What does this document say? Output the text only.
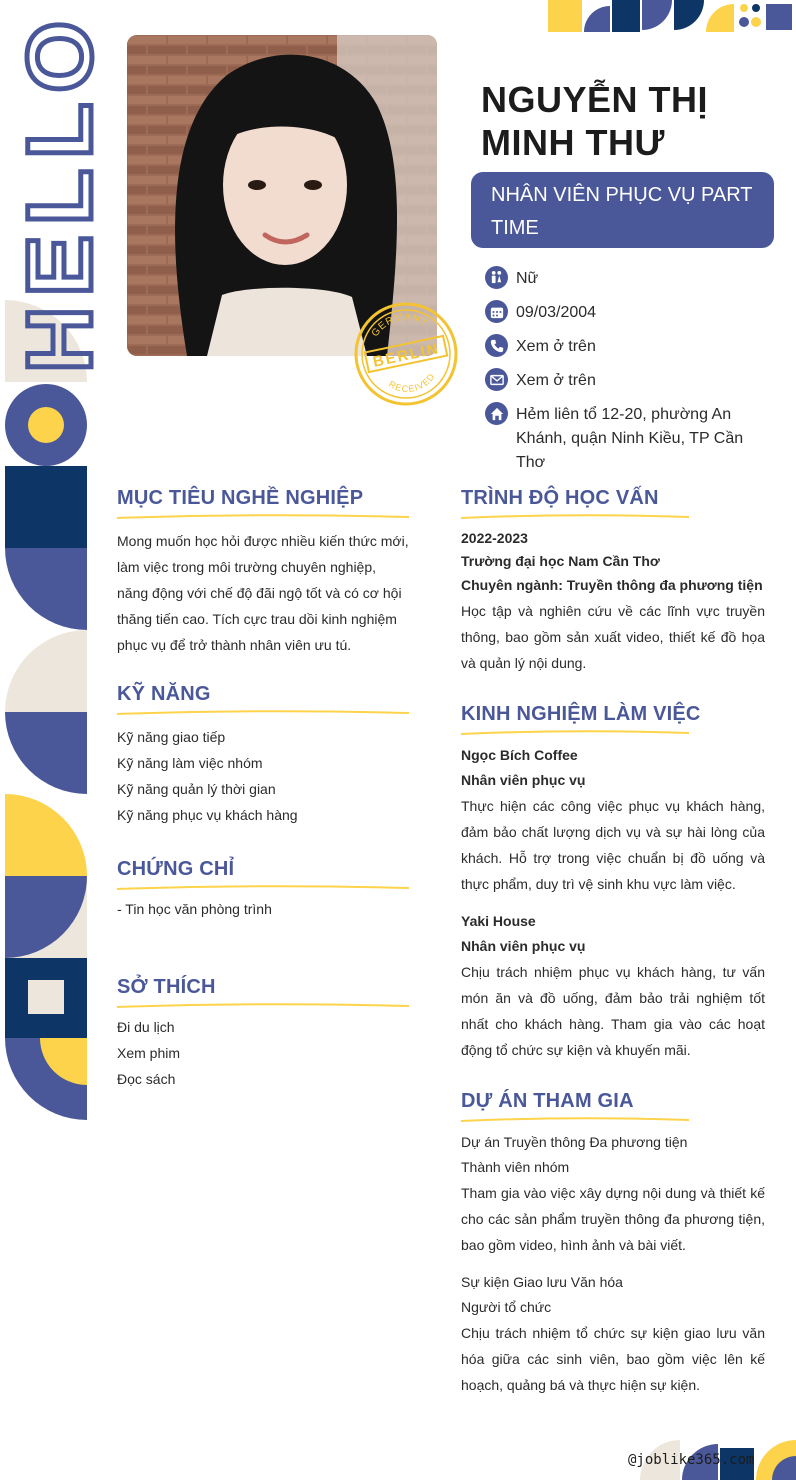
HELLO	GERMANY
BERLIN
RECEIVED
NGUYỄN THỊ
MINH THƯ
NHÂN VIÊN PHỤC VỤ PART TIME
Nữ
09/03/2004
Xem ở trên
Xem ở trên
Hẻm liên tổ 12-20, phường An Khánh, quận Ninh Kiều, TP Cần Thơ
MỤC TIÊU NGHỀ NGHIỆP
Mong muốn học hỏi được nhiều kiến thức mới, làm việc trong môi trường chuyên nghiệp, năng động với chế độ đãi ngộ tốt và có cơ hội thăng tiến cao. Tích cực trau dồi kinh nghiệm phục vụ để trở thành nhân viên ưu tú.
KỸ NĂNG
Kỹ năng giao tiếp
Kỹ năng làm việc nhóm
Kỹ năng quản lý thời gian
Kỹ năng phục vụ khách hàng
CHỨNG CHỈ
- Tin học văn phòng trình
SỞ THÍCH
Đi du lịch
Xem phim
Đọc sách
TRÌNH ĐỘ HỌC VẤN
2022-2023
Trường đại học Nam Cần Thơ
Chuyên ngành: Truyền thông đa phương tiện
Học tập và nghiên cứu về các lĩnh vực truyền thông, bao gồm sản xuất video, thiết kế đồ họa và quản lý nội dung.
KINH NGHIỆM LÀM VIỆC
Ngọc Bích Coffee
Nhân viên phục vụ
Thực hiện các công việc phục vụ khách hàng, đảm bảo chất lượng dịch vụ và sự hài lòng của khách. Hỗ trợ trong việc chuẩn bị đồ uống và thực phẩm, duy trì vệ sinh khu vực làm việc.
Yaki House
Nhân viên phục vụ
Chịu trách nhiệm phục vụ khách hàng, tư vấn món ăn và đồ uống, đảm bảo trải nghiệm tốt nhất cho khách hàng. Tham gia vào các hoạt động tổ chức sự kiện và khuyến mãi.
DỰ ÁN THAM GIA
Dự án Truyền thông Đa phương tiện
Thành viên nhóm
Tham gia vào việc xây dựng nội dung và thiết kế cho các sản phẩm truyền thông đa phương tiện, bao gồm video, hình ảnh và bài viết.
Sự kiện Giao lưu Văn hóa
Người tổ chức
Chịu trách nhiệm tổ chức sự kiện giao lưu văn hóa giữa các sinh viên, bao gồm việc lên kế hoạch, quảng bá và thực hiện sự kiện.
@joblike365.com
